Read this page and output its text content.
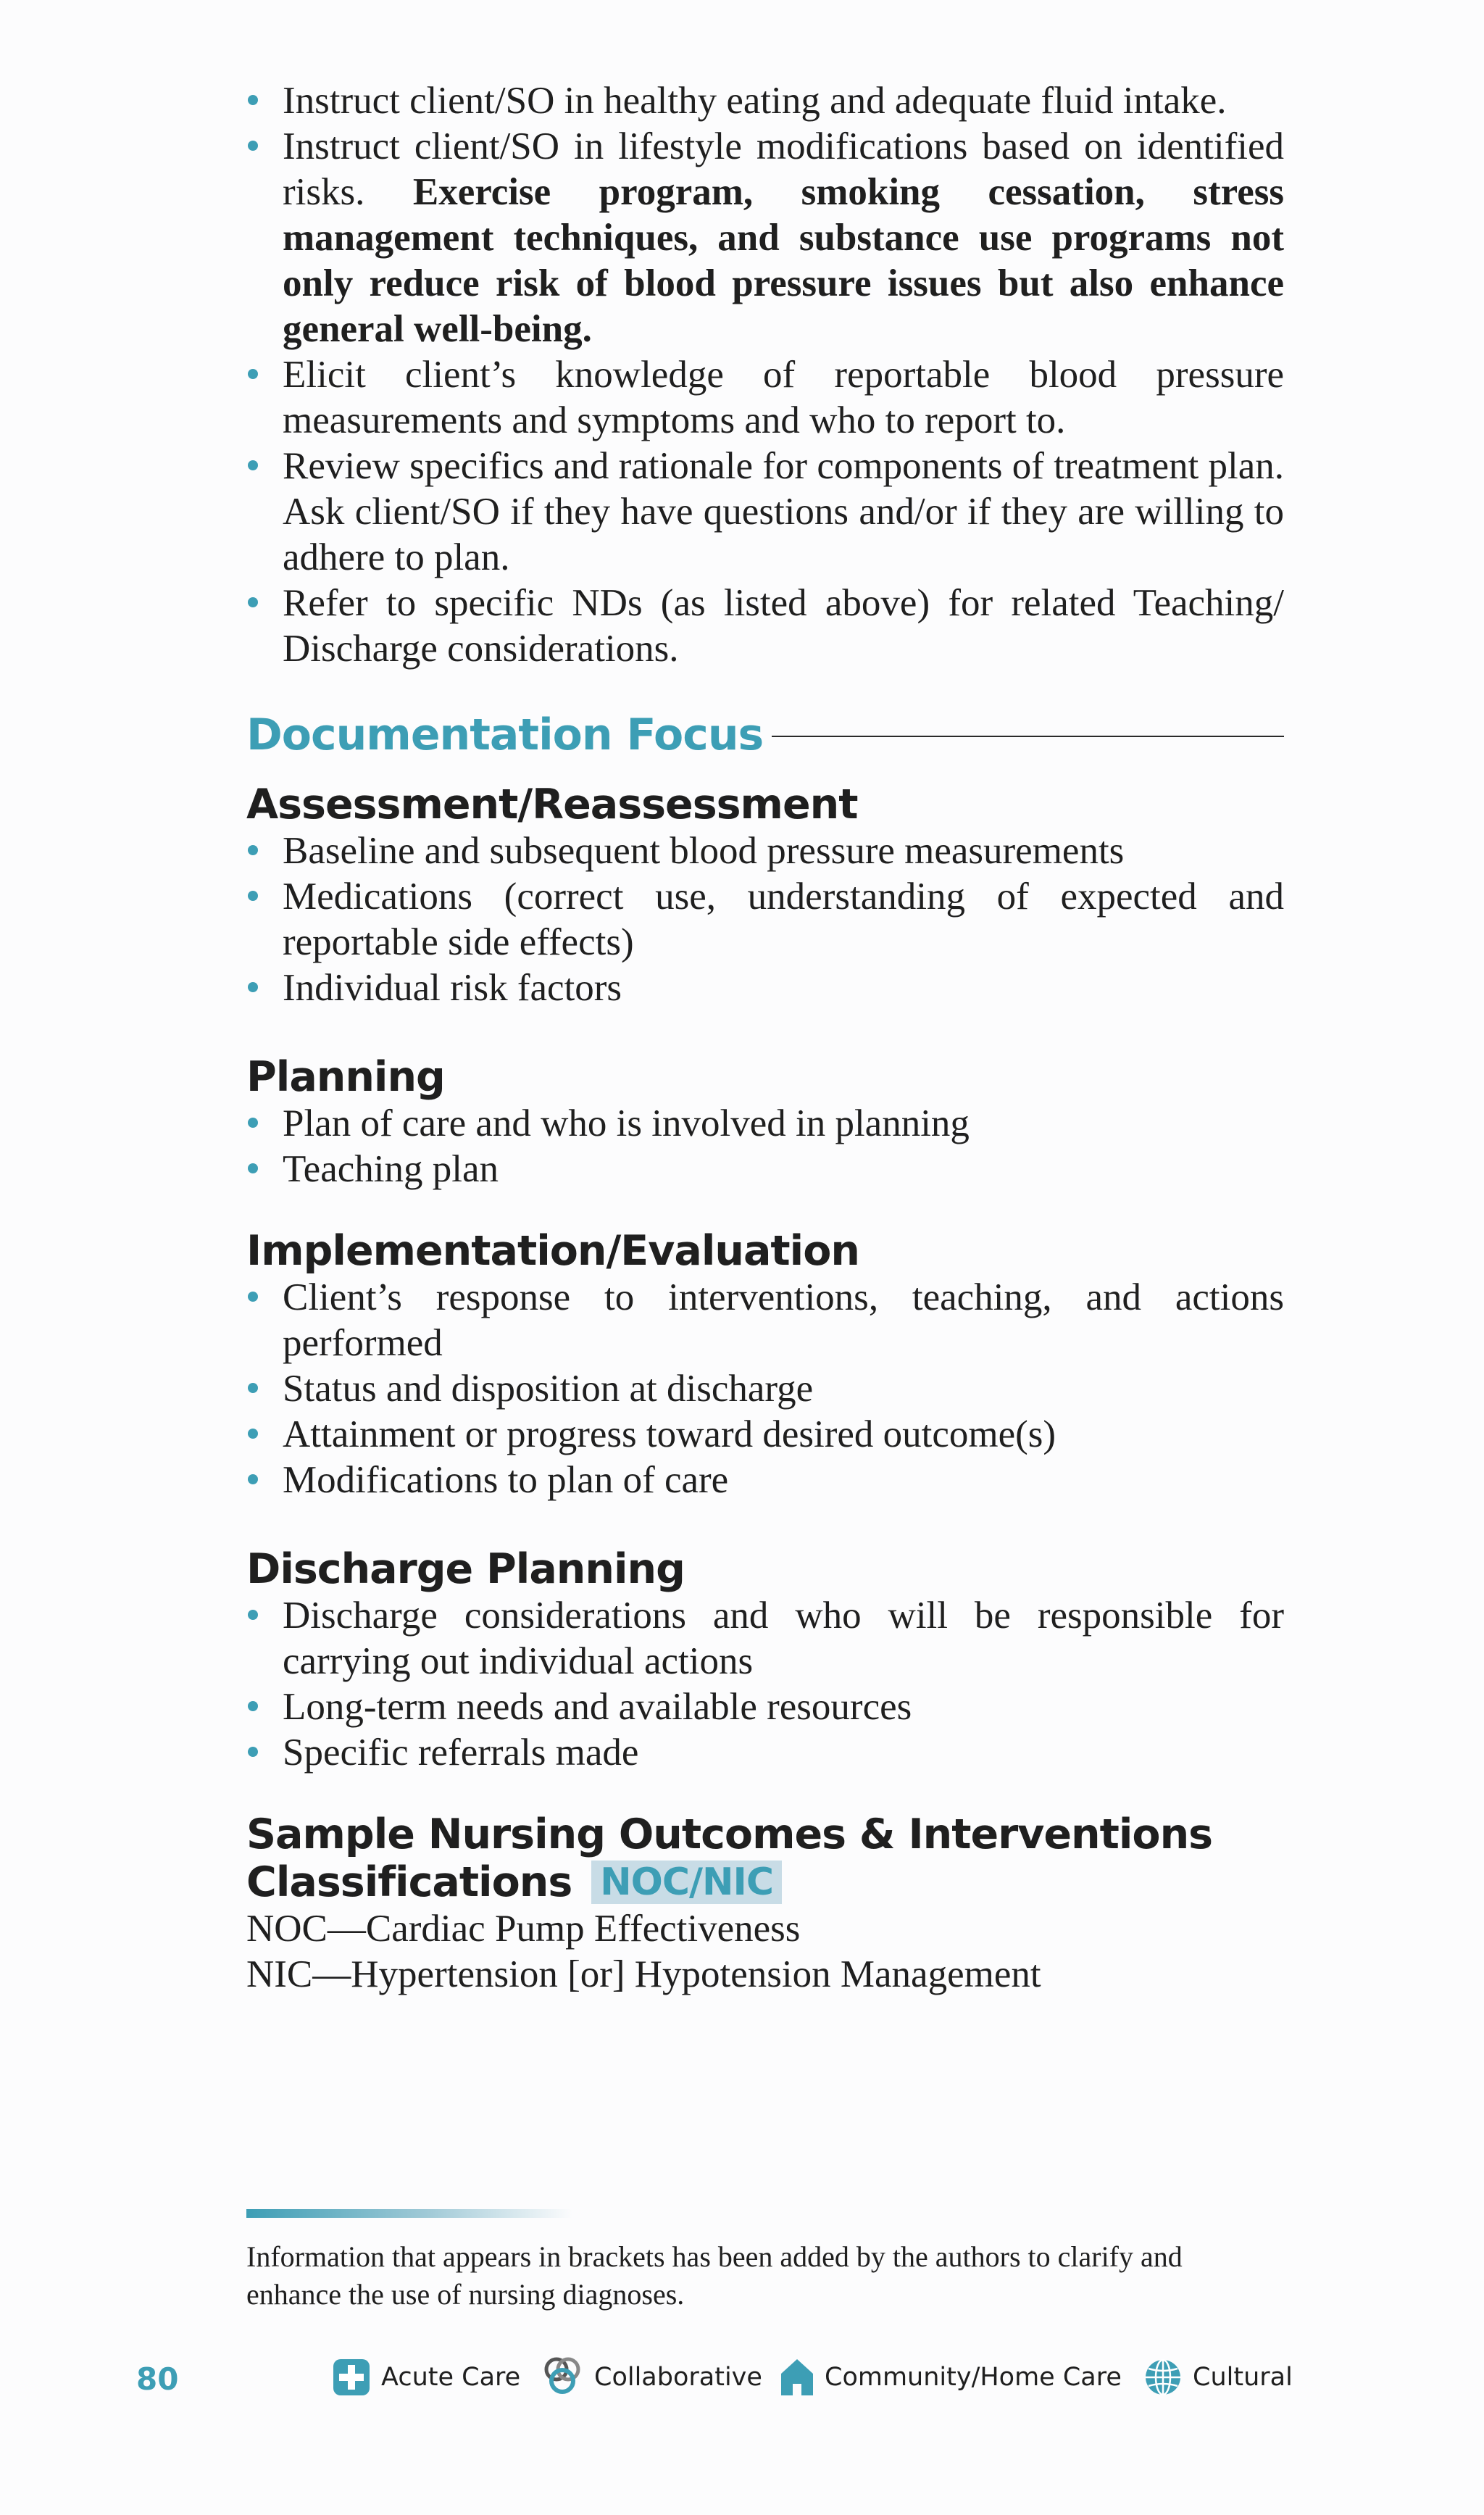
Instruct client/SO in healthy eating and adequate fluid intake.
Instruct client/SO in lifestyle modifications based on identified risks. Exercise program, smoking cessation, stress management techniques, and substance use programs not only reduce risk of blood pressure issues but also enhance general well-being.
Elicit client’s knowledge of reportable blood pressure measurements and symptoms and who to report to.
Review specifics and rationale for components of treatment plan. Ask client/SO if they have questions and/or if they are willing to adhere to plan.
Refer to specific NDs (as listed above) for related Teaching/ Discharge considerations.
Documentation Focus
Assessment/Reassessment
Baseline and subsequent blood pressure measurements
Medications (correct use, understanding of expected and reportable side effects)
Individual risk factors
Planning
Plan of care and who is involved in planning
Teaching plan
Implementation/Evaluation
Client’s response to interventions, teaching, and actions performed
Status and disposition at discharge
Attainment or progress toward desired outcome(s)
Modifications to plan of care
Discharge Planning
Discharge considerations and who will be responsible for carrying out individual actions
Long-term needs and available resources
Specific referrals made
Sample Nursing Outcomes & Interventions
Classifications NOC/NIC

NOC—Cardiac Pump Effectiveness

NIC—Hypertension [or] Hypotension Management

Information that appears in brackets has been added by the authors to clarify and enhance the use of nursing diagnoses.
80	Acute Care	Collaborative Community/Home Care	Cultural
